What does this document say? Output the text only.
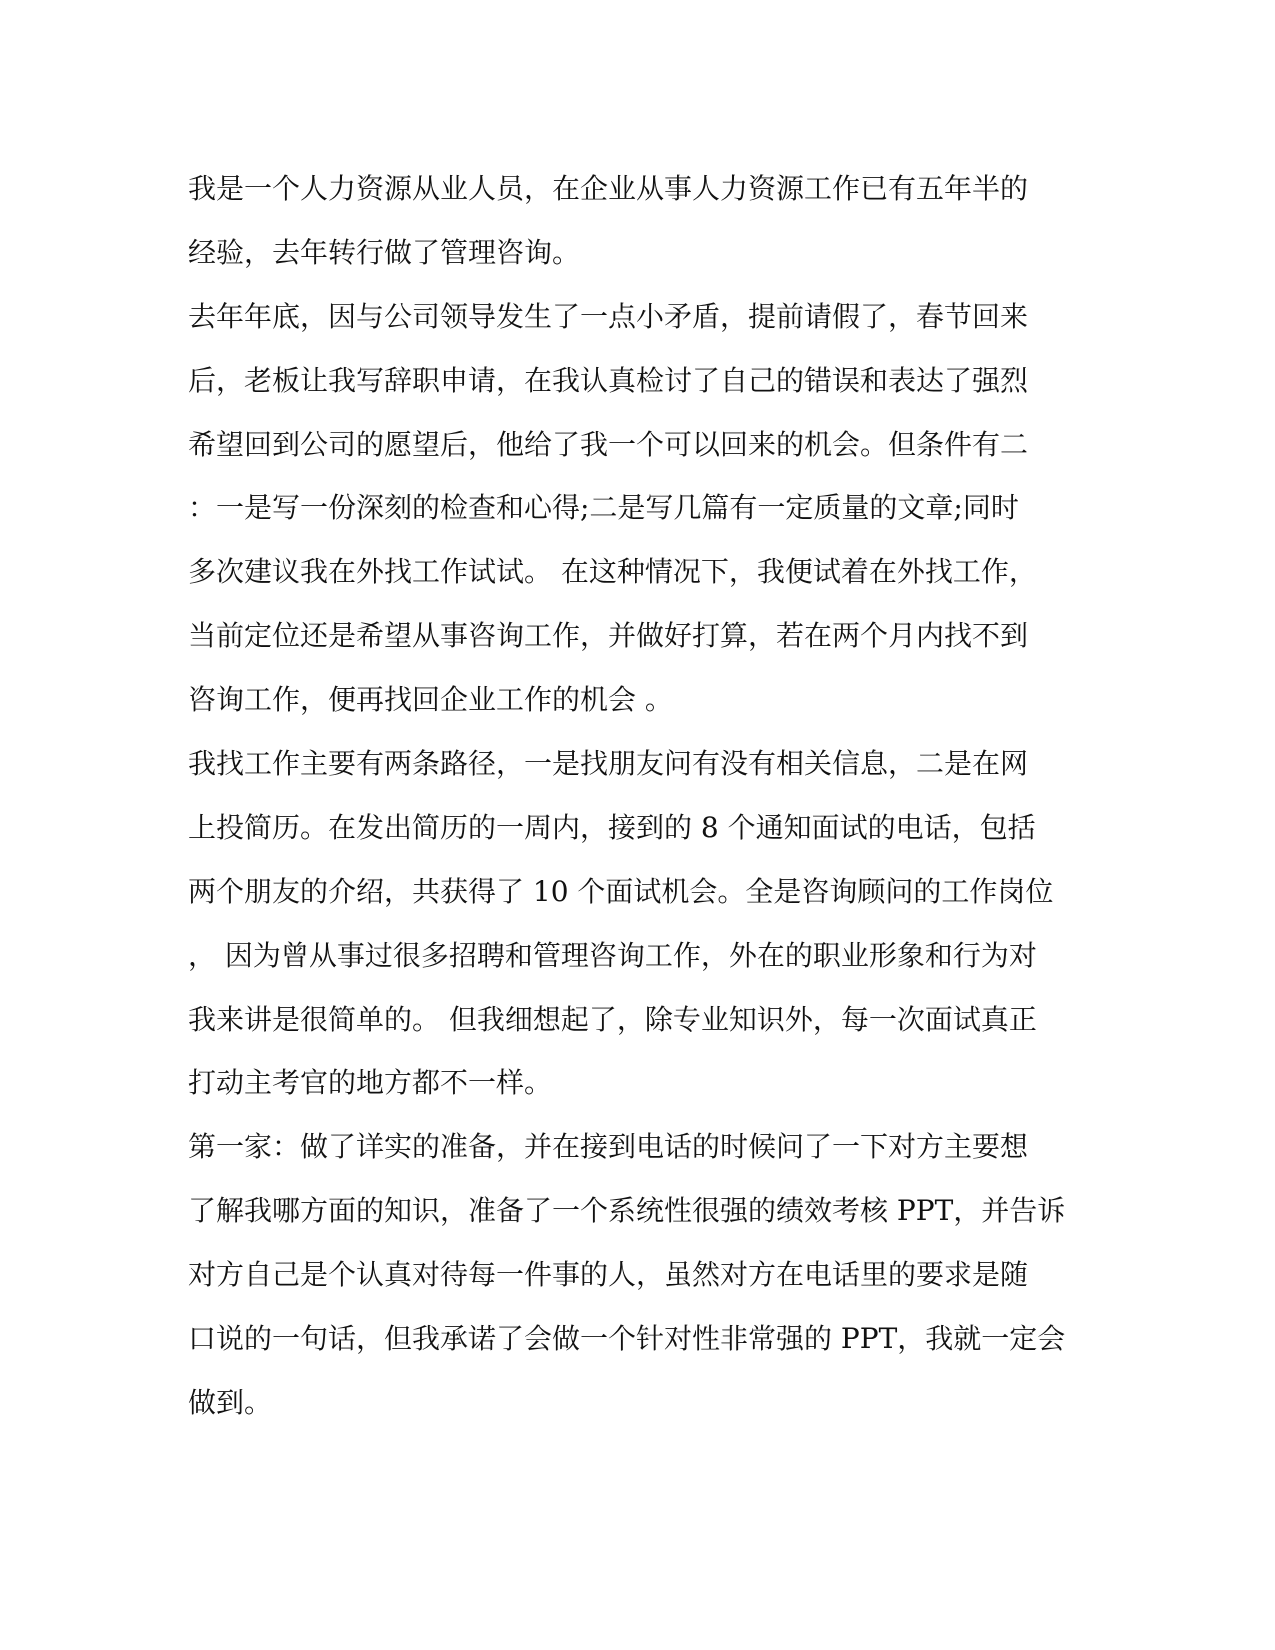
我是一个人力资源从业人员，在企业从事人力资源工作已有五年半的
经验，去年转行做了管理咨询。
去年年底，因与公司领导发生了一点小矛盾，提前请假了，春节回来
后，老板让我写辞职申请，在我认真检讨了自己的错误和表达了强烈
希望回到公司的愿望后，他给了我一个可以回来的机会。但条件有二
：一是写一份深刻的检查和心得;二是写几篇有一定质量的文章;同时
多次建议我在外找工作试试。 在这种情况下，我便试着在外找工作，
当前定位还是希望从事咨询工作，并做好打算，若在两个月内找不到
咨询工作，便再找回企业工作的机会 。
我找工作主要有两条路径，一是找朋友问有没有相关信息，二是在网
上投简历。在发出简历的一周内，接到的 8 个通知面试的电话，包括
两个朋友的介绍，共获得了 10 个面试机会。全是咨询顾问的工作岗位
， 因为曾从事过很多招聘和管理咨询工作，外在的职业形象和行为对
我来讲是很简单的。 但我细想起了，除专业知识外，每一次面试真正
打动主考官的地方都不一样。
第一家：做了详实的准备，并在接到电话的时候问了一下对方主要想
了解我哪方面的知识，准备了一个系统性很强的绩效考核 PPT，并告诉
对方自己是个认真对待每一件事的人，虽然对方在电话里的要求是随
口说的一句话，但我承诺了会做一个针对性非常强的 PPT，我就一定会
做到。
